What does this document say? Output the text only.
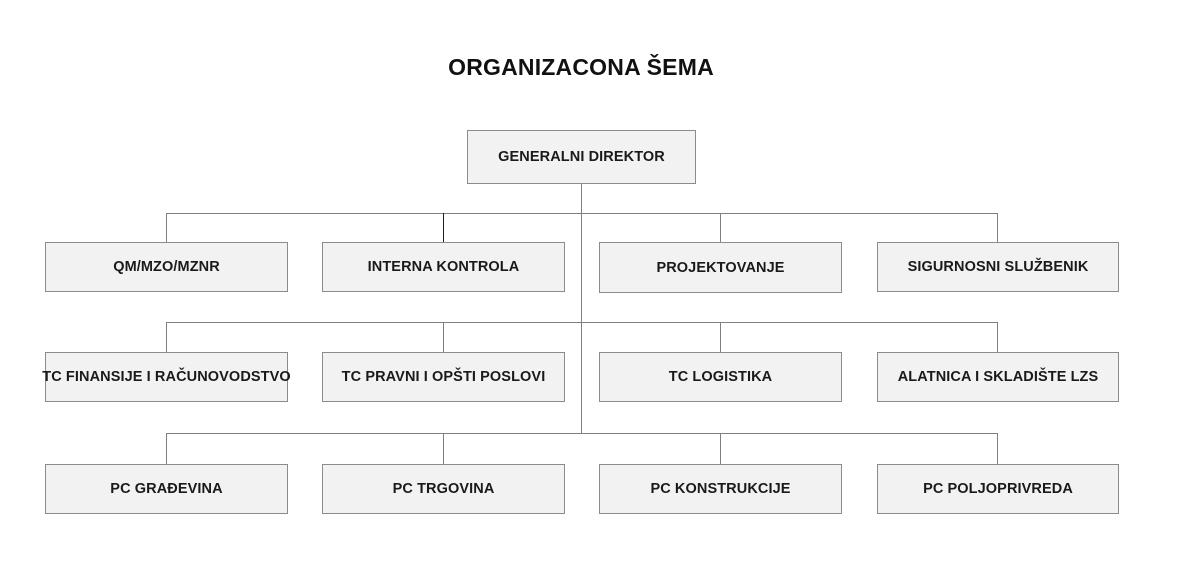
ORGANIZACONA ŠEMA
GENERALNI DIREKTOR
QM/MZO/MZNR	INTERNA KONTROLA	PROJEKTOVANJE	SIGURNOSNI SLUŽBENIK
TC FINANSIJE I RAČUNOVODSTVO	TC PRAVNI I OPŠTI POSLOVI	TC LOGISTIKA	ALATNICA I SKLADIŠTE LZS
PC GRAĐEVINA	PC TRGOVINA	PC KONSTRUKCIJE	PC POLJOPRIVREDA
